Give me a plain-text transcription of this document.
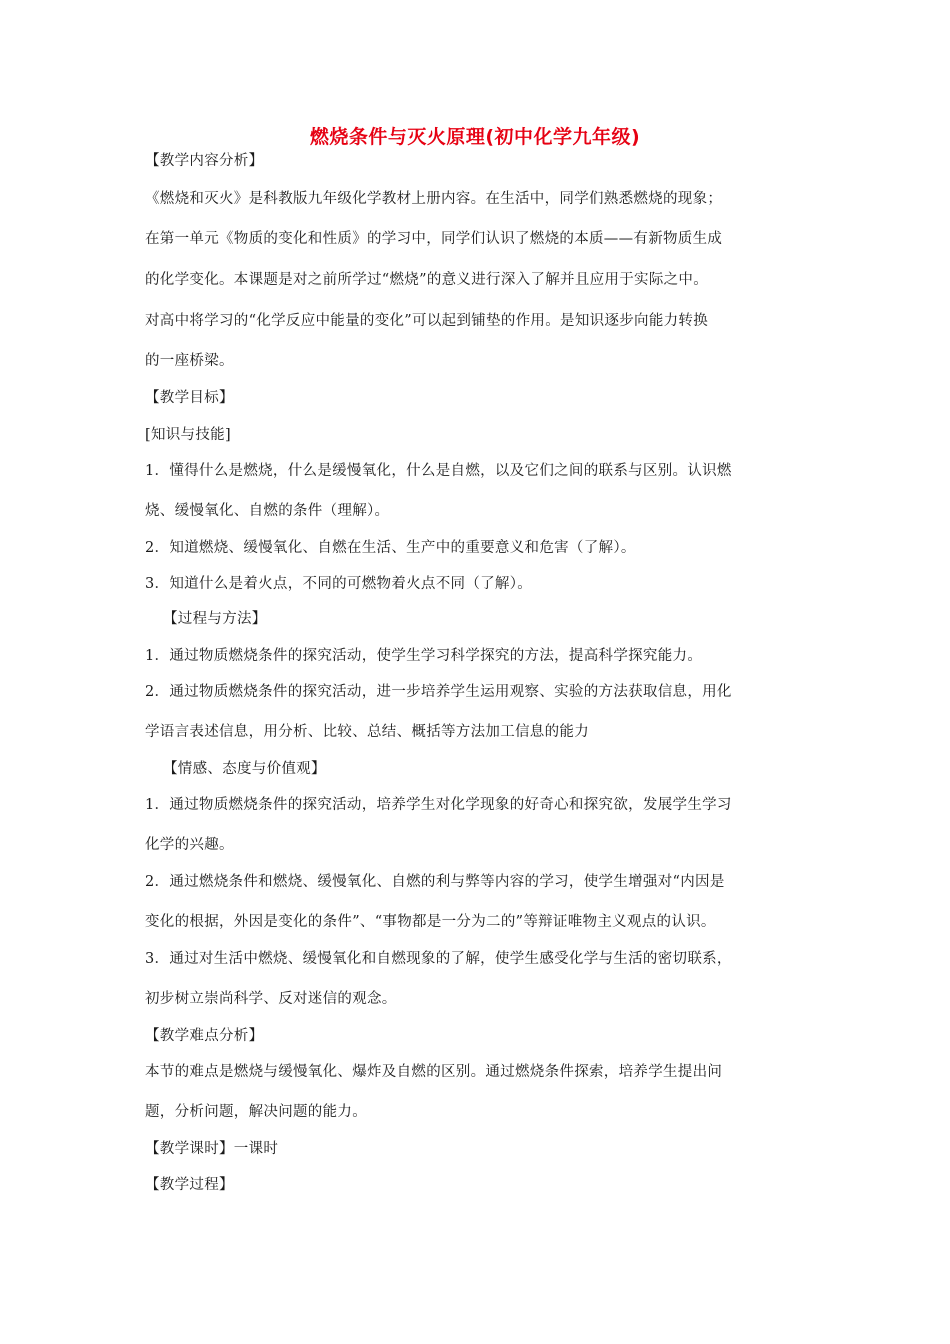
燃烧条件与灭火原理(初中化学九年级)
【教学内容分析】
《燃烧和灭火》是科教版九年级化学教材上册内容。在生活中，同学们熟悉燃烧的现象；
在第一单元《物质的变化和性质》的学习中，同学们认识了燃烧的本质——有新物质生成
的化学变化。本课题是对之前所学过“燃烧”的意义进行深入了解并且应用于实际之中。
对高中将学习的“化学反应中能量的变化”可以起到铺垫的作用。是知识逐步向能力转换
的一座桥梁。
【教学目标】
[知识与技能]
1．懂得什么是燃烧，什么是缓慢氧化，什么是自燃，以及它们之间的联系与区别。认识燃
烧、缓慢氧化、自燃的条件（理解）。
2．知道燃烧、缓慢氧化、自燃在生活、生产中的重要意义和危害（了解）。
3．知道什么是着火点，不同的可燃物着火点不同（了解）。
【过程与方法】
1．通过物质燃烧条件的探究活动，使学生学习科学探究的方法，提高科学探究能力。
2．通过物质燃烧条件的探究活动，进一步培养学生运用观察、实验的方法获取信息，用化
学语言表述信息，用分析、比较、总结、概括等方法加工信息的能力
【情感、态度与价值观】
1．通过物质燃烧条件的探究活动，培养学生对化学现象的好奇心和探究欲，发展学生学习
化学的兴趣。
2．通过燃烧条件和燃烧、缓慢氧化、自燃的利与弊等内容的学习，使学生增强对“内因是
变化的根据，外因是变化的条件”、“事物都是一分为二的”等辩证唯物主义观点的认识。
3．通过对生活中燃烧、缓慢氧化和自燃现象的了解，使学生感受化学与生活的密切联系，
初步树立崇尚科学、反对迷信的观念。
【教学难点分析】
本节的难点是燃烧与缓慢氧化、爆炸及自燃的区别。通过燃烧条件探索，培养学生提出问
题，分析问题，解决问题的能力。
【教学课时】一课时
【教学过程】
